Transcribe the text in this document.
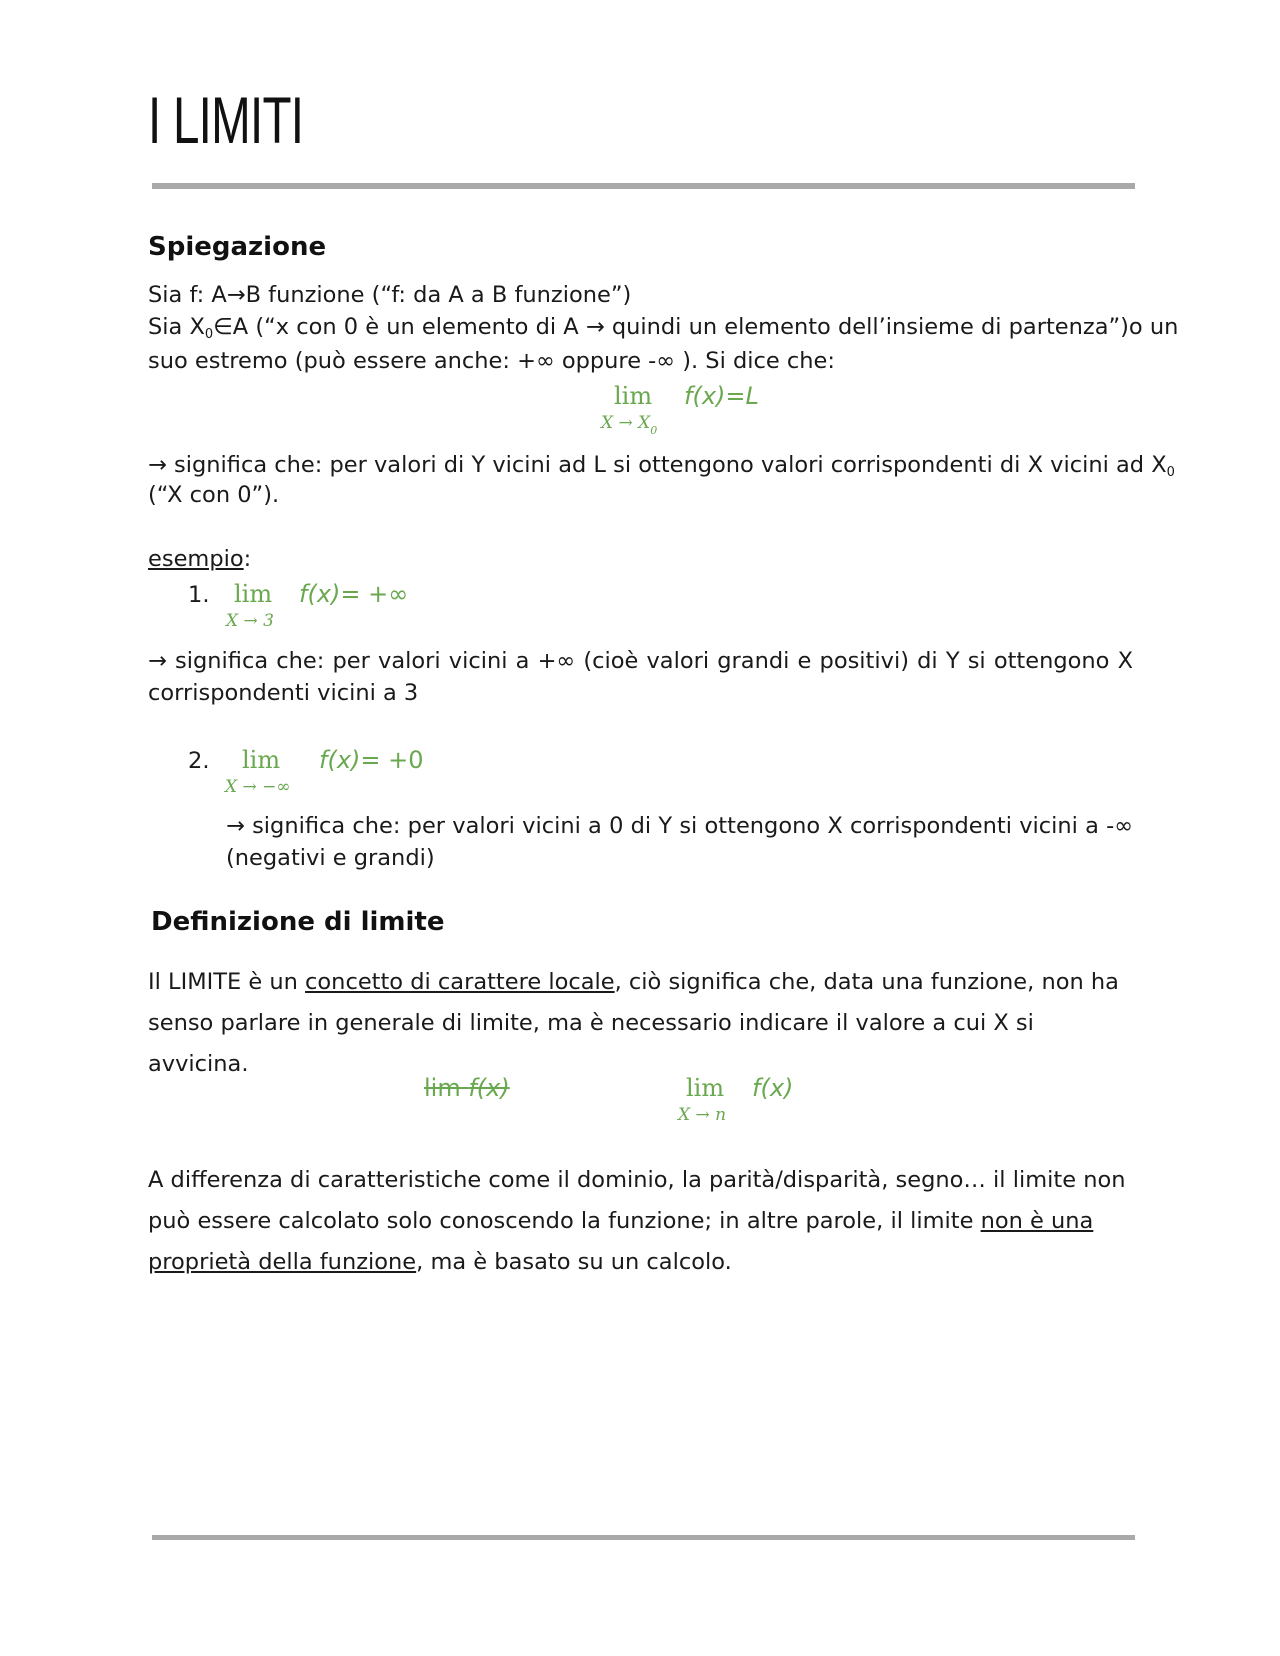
I LIMITI
Spiegazione
Sia f: A→B funzione (“f: da A a B funzione”)
Sia $X_0\in A$ (“x con 0 è un elemento di A → quindi un elemento dell’insieme di partenza”)o un
suo estremo (può essere anche: +∞ oppure -∞ ). Si dice che:
lim
$X \to X_0$
f(x)=L
→ significa che: per valori di Y vicini ad L si ottengono valori corrispondenti di X vicini ad $X_0$
(“X con 0”).
esempio:
1. lim
X → 3
f(x)= +∞
→ significa che: per valori vicini a +∞ (cioè valori grandi e positivi) di Y si ottengono X
corrispondenti vicini a 3
2. lim
X → −∞
f(x)= +0
→ significa che: per valori vicini a 0 di Y si ottengono X corrispondenti vicini a -∞
(negativi e grandi)
Definizione di limite
Il LIMITE è un concetto di carattere locale, ciò significa che, data una funzione, non ha senso parlare in generale di limite, ma è necessario indicare il valore a cui X si avvicina.
lim f(x)	lim
X → n
f(x)
A differenza di caratteristiche come il dominio, la parità/disparità, segno… il limite non può essere calcolato solo conoscendo la funzione; in altre parole, il limite non è una proprietà della funzione, ma è basato su un calcolo.
